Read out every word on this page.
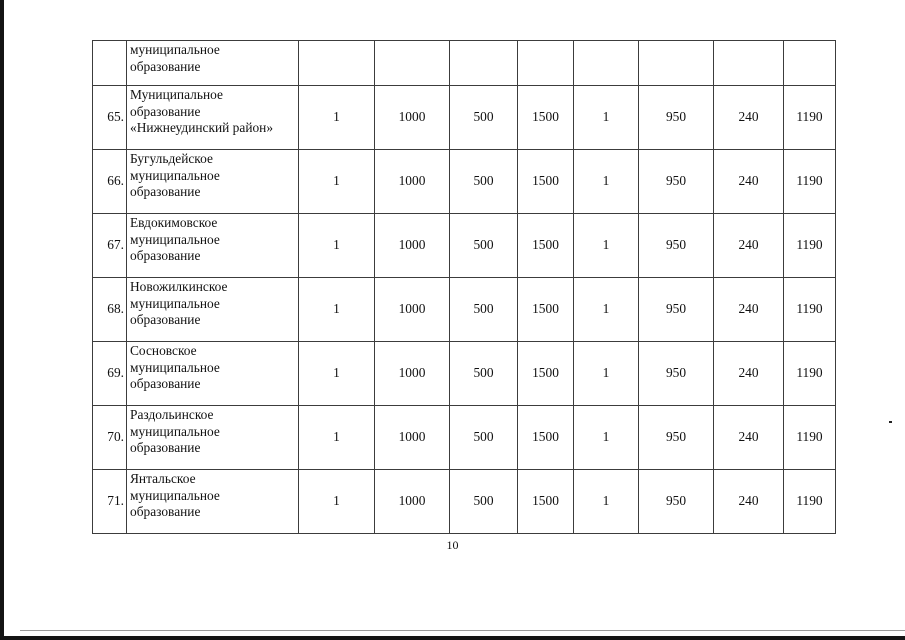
	муниципальное
образование								

65.	Муниципальное
образование
«Нижнеудинский район»	1	1000	500	1500	1	950	240	1190
66.	Бугульдейское
муниципальное
образование	1	1000	500	1500	1	950	240	1190
67.	Евдокимовское
муниципальное
образование	1	1000	500	1500	1	950	240	1190
68.	Новожилкинское
муниципальное
образование	1	1000	500	1500	1	950	240	1190
69.	Сосновское
муниципальное
образование	1	1000	500	1500	1	950	240	1190
70.	Раздольинское
муниципальное
образование	1	1000	500	1500	1	950	240	1190
71.	Янтальское
муниципальное
образование	1	1000	500	1500	1	950	240	1190
10
